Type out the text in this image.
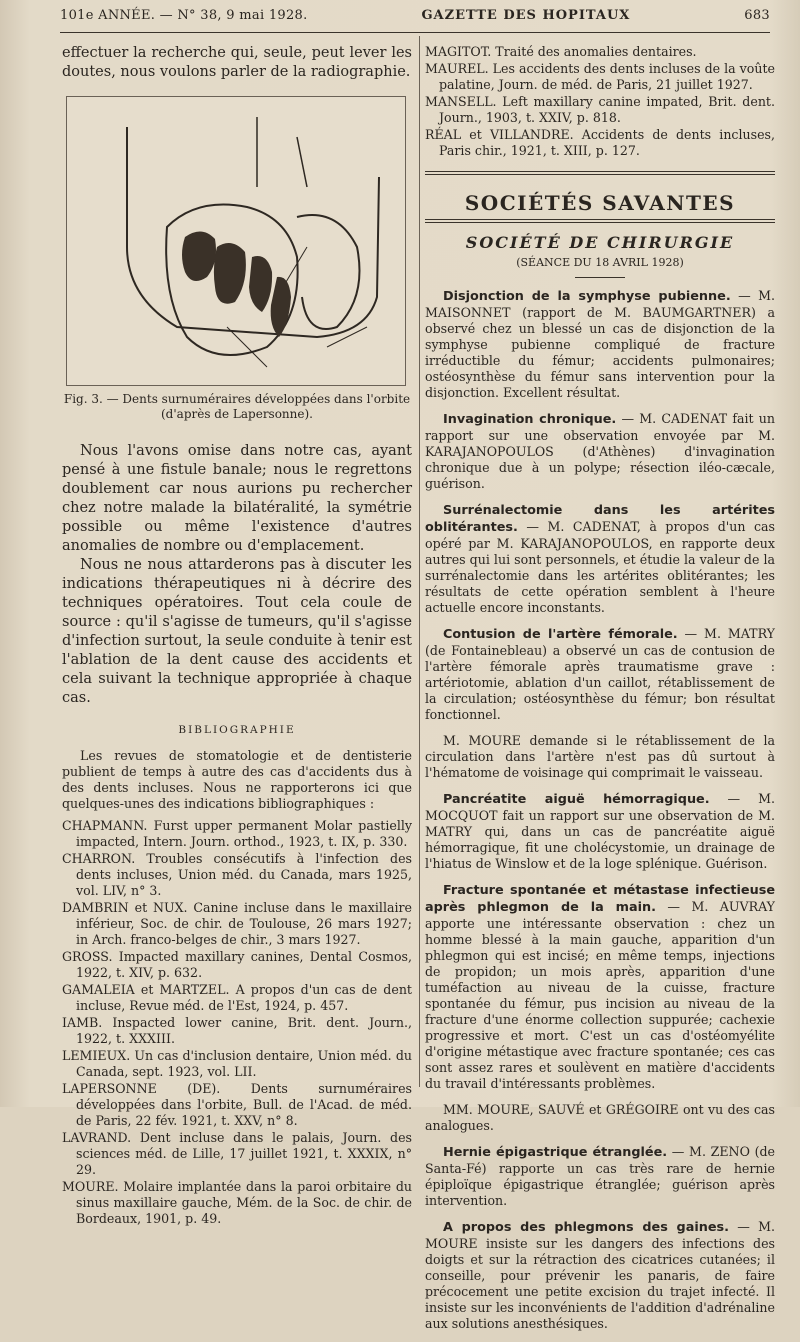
101e ANNÉE. — N° 38, 9 mai 1928.	GAZETTE DES HOPITAUX	683

effectuer la recherche qui, seule, peut lever les doutes, nous voulons parler de la radiographie.

Fig. 3. — Dents surnuméraires développées dans l'orbite (d'après de Lapersonne).

Nous l'avons omise dans notre cas, ayant pensé à une fistule banale; nous le regrettons doublement car nous aurions pu rechercher chez notre malade la bilatéralité, la symétrie possible ou même l'existence d'autres anomalies de nombre ou d'emplacement.

Nous ne nous attarderons pas à discuter les indications thérapeutiques ni à décrire des techniques opératoires. Tout cela coule de source : qu'il s'agisse de tumeurs, qu'il s'agisse d'infection surtout, la seule conduite à tenir est l'ablation de la dent cause des accidents et cela suivant la technique appropriée à chaque cas.

BIBLIOGRAPHIE

Les revues de stomatologie et de dentisterie publient de temps à autre des cas d'accidents dus à des dents incluses. Nous ne rapporterons ici que quelques-unes des indications bibliographiques :

CHAPMANN. Furst upper permanent Molar pastielly impacted, Intern. Journ. orthod., 1923, t. IX, p. 330.

CHARRON. Troubles consécutifs à l'infection des dents incluses, Union méd. du Canada, mars 1925, vol. LIV, n° 3.

DAMBRIN et NUX. Canine incluse dans le maxillaire inférieur, Soc. de chir. de Toulouse, 26 mars 1927; in Arch. franco-belges de chir., 3 mars 1927.

GROSS. Impacted maxillary canines, Dental Cosmos, 1922, t. XIV, p. 632.

GAMALEIA et MARTZEL. A propos d'un cas de dent incluse, Revue méd. de l'Est, 1924, p. 457.

IAMB. Inspacted lower canine, Brit. dent. Journ., 1922, t. XXXIII.

LEMIEUX. Un cas d'inclusion dentaire, Union méd. du Canada, sept. 1923, vol. LII.

LAPERSONNE (DE). Dents surnuméraires développées dans l'orbite, Bull. de l'Acad. de méd. de Paris, 22 fév. 1921, t. XXV, n° 8.

LAVRAND. Dent incluse dans le palais, Journ. des sciences méd. de Lille, 17 juillet 1921, t. XXXIX, n° 29.

MOURE. Molaire implantée dans la paroi orbitaire du sinus maxillaire gauche, Mém. de la Soc. de chir. de Bordeaux, 1901, p. 49.

MAGITOT. Traité des anomalies dentaires.

MAUREL. Les accidents des dents incluses de la voûte palatine, Journ. de méd. de Paris, 21 juillet 1927.

MANSELL. Left maxillary canine impated, Brit. dent. Journ., 1903, t. XXIV, p. 818.

RÉAL et VILLANDRE. Accidents de dents incluses, Paris chir., 1921, t. XIII, p. 127.

SOCIÉTÉS SAVANTES
SOCIÉTÉ DE CHIRURGIE
(SÉANCE DU 18 AVRIL 1928)

Disjonction de la symphyse pubienne. — M. MAISONNET (rapport de M. BAUMGARTNER) a observé chez un blessé un cas de disjonction de la symphyse pubienne compliqué de fracture irréductible du fémur; accidents pulmonaires; ostéosynthèse du fémur sans intervention pour la disjonction. Excellent résultat.

Invagination chronique. — M. CADENAT fait un rapport sur une observation envoyée par M. KARAJANOPOULOS (d'Athènes) d'invagination chronique due à un polype; résection iléo-cæcale, guérison.

Surrénalectomie dans les artérites oblitérantes. — M. CADENAT, à propos d'un cas opéré par M. KARAJANOPOULOS, en rapporte deux autres qui lui sont personnels, et étudie la valeur de la surrénalectomie dans les artérites oblitérantes; les résultats de cette opération semblent à l'heure actuelle encore inconstants.

Contusion de l'artère fémorale. — M. MATRY (de Fontainebleau) a observé un cas de contusion de l'artère fémorale après traumatisme grave : artériotomie, ablation d'un caillot, rétablissement de la circulation; ostéosynthèse du fémur; bon résultat fonctionnel.

M. MOURE demande si le rétablissement de la circulation dans l'artère n'est pas dû surtout à l'hématome de voisinage qui comprimait le vaisseau.

Pancréatite aiguë hémorragique. — M. MOCQUOT fait un rapport sur une observation de M. MATRY qui, dans un cas de pancréatite aiguë hémorragique, fit une cholécystomie, un drainage de l'hiatus de Winslow et de la loge splénique. Guérison.

Fracture spontanée et métastase infectieuse après phlegmon de la main. — M. AUVRAY apporte une intéressante observation : chez un homme blessé à la main gauche, apparition d'un phlegmon qui est incisé; en même temps, injections de propidon; un mois après, apparition d'une tuméfaction au niveau de la cuisse, fracture spontanée du fémur, pus incision au niveau de la fracture d'une énorme collection suppurée; cachexie progressive et mort. C'est un cas d'ostéomyélite d'origine métastique avec fracture spontanée; ces cas sont assez rares et soulèvent en matière d'accidents du travail d'intéressants problèmes.

MM. MOURE, SAUVÉ et GRÉGOIRE ont vu des cas analogues.

Hernie épigastrique étranglée. — M. ZENO (de Santa-Fé) rapporte un cas très rare de hernie épiploïque épigastrique étranglée; guérison après intervention.

A propos des phlegmons des gaines. — M. MOURE insiste sur les dangers des infections des doigts et sur la rétraction des cicatrices cutanées; il conseille, pour prévenir les panaris, de faire précocement une petite excision du trajet infecté. Il insiste sur les inconvénients de l'addition d'adrénaline aux solutions anesthésiques.
